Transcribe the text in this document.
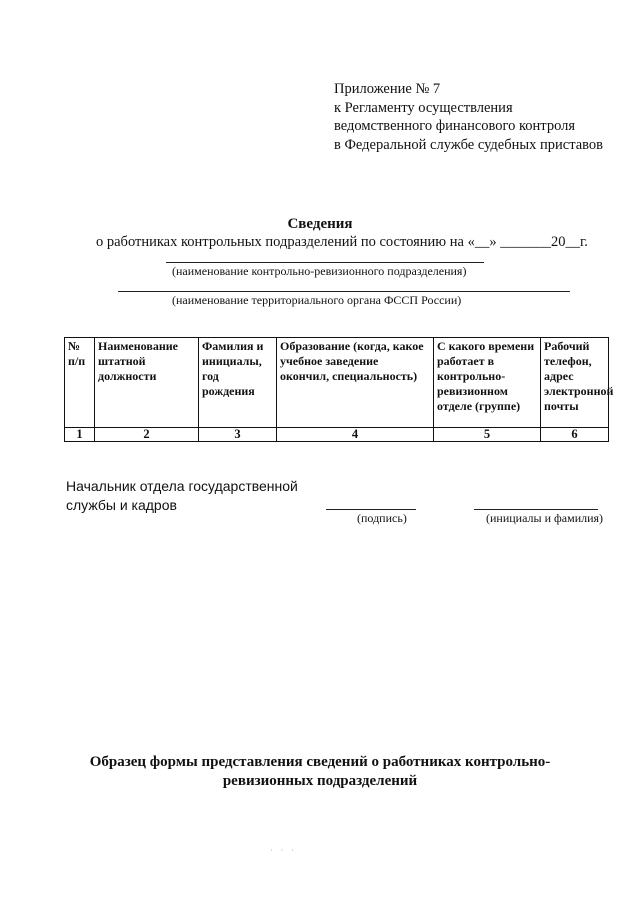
Приложение № 7
к Регламенту осуществления
ведомственного финансового контроля
в Федеральной службе судебных приставов
Сведения
о работниках контрольных подразделений по состоянию на «__» _______20__г.
(наименование контрольно-ревизионного подразделения)
(наименование территориального органа ФССП России)
№ п/п	Наименование штатной должности	Фамилия и инициалы, год рождения	Образование (когда, какое учебное заведение окончил, специальность)	С какого времени работает в контрольно-ревизионном отделе (группе)	Рабочий телефон, адрес электронной почты
1	2	3	4	5	6
Начальник отдела государственной
службы и кадров
(подпись)	(инициалы и фамилия)
Образец формы представления сведений о работниках контрольно-
ревизионных подразделений
· · ·
